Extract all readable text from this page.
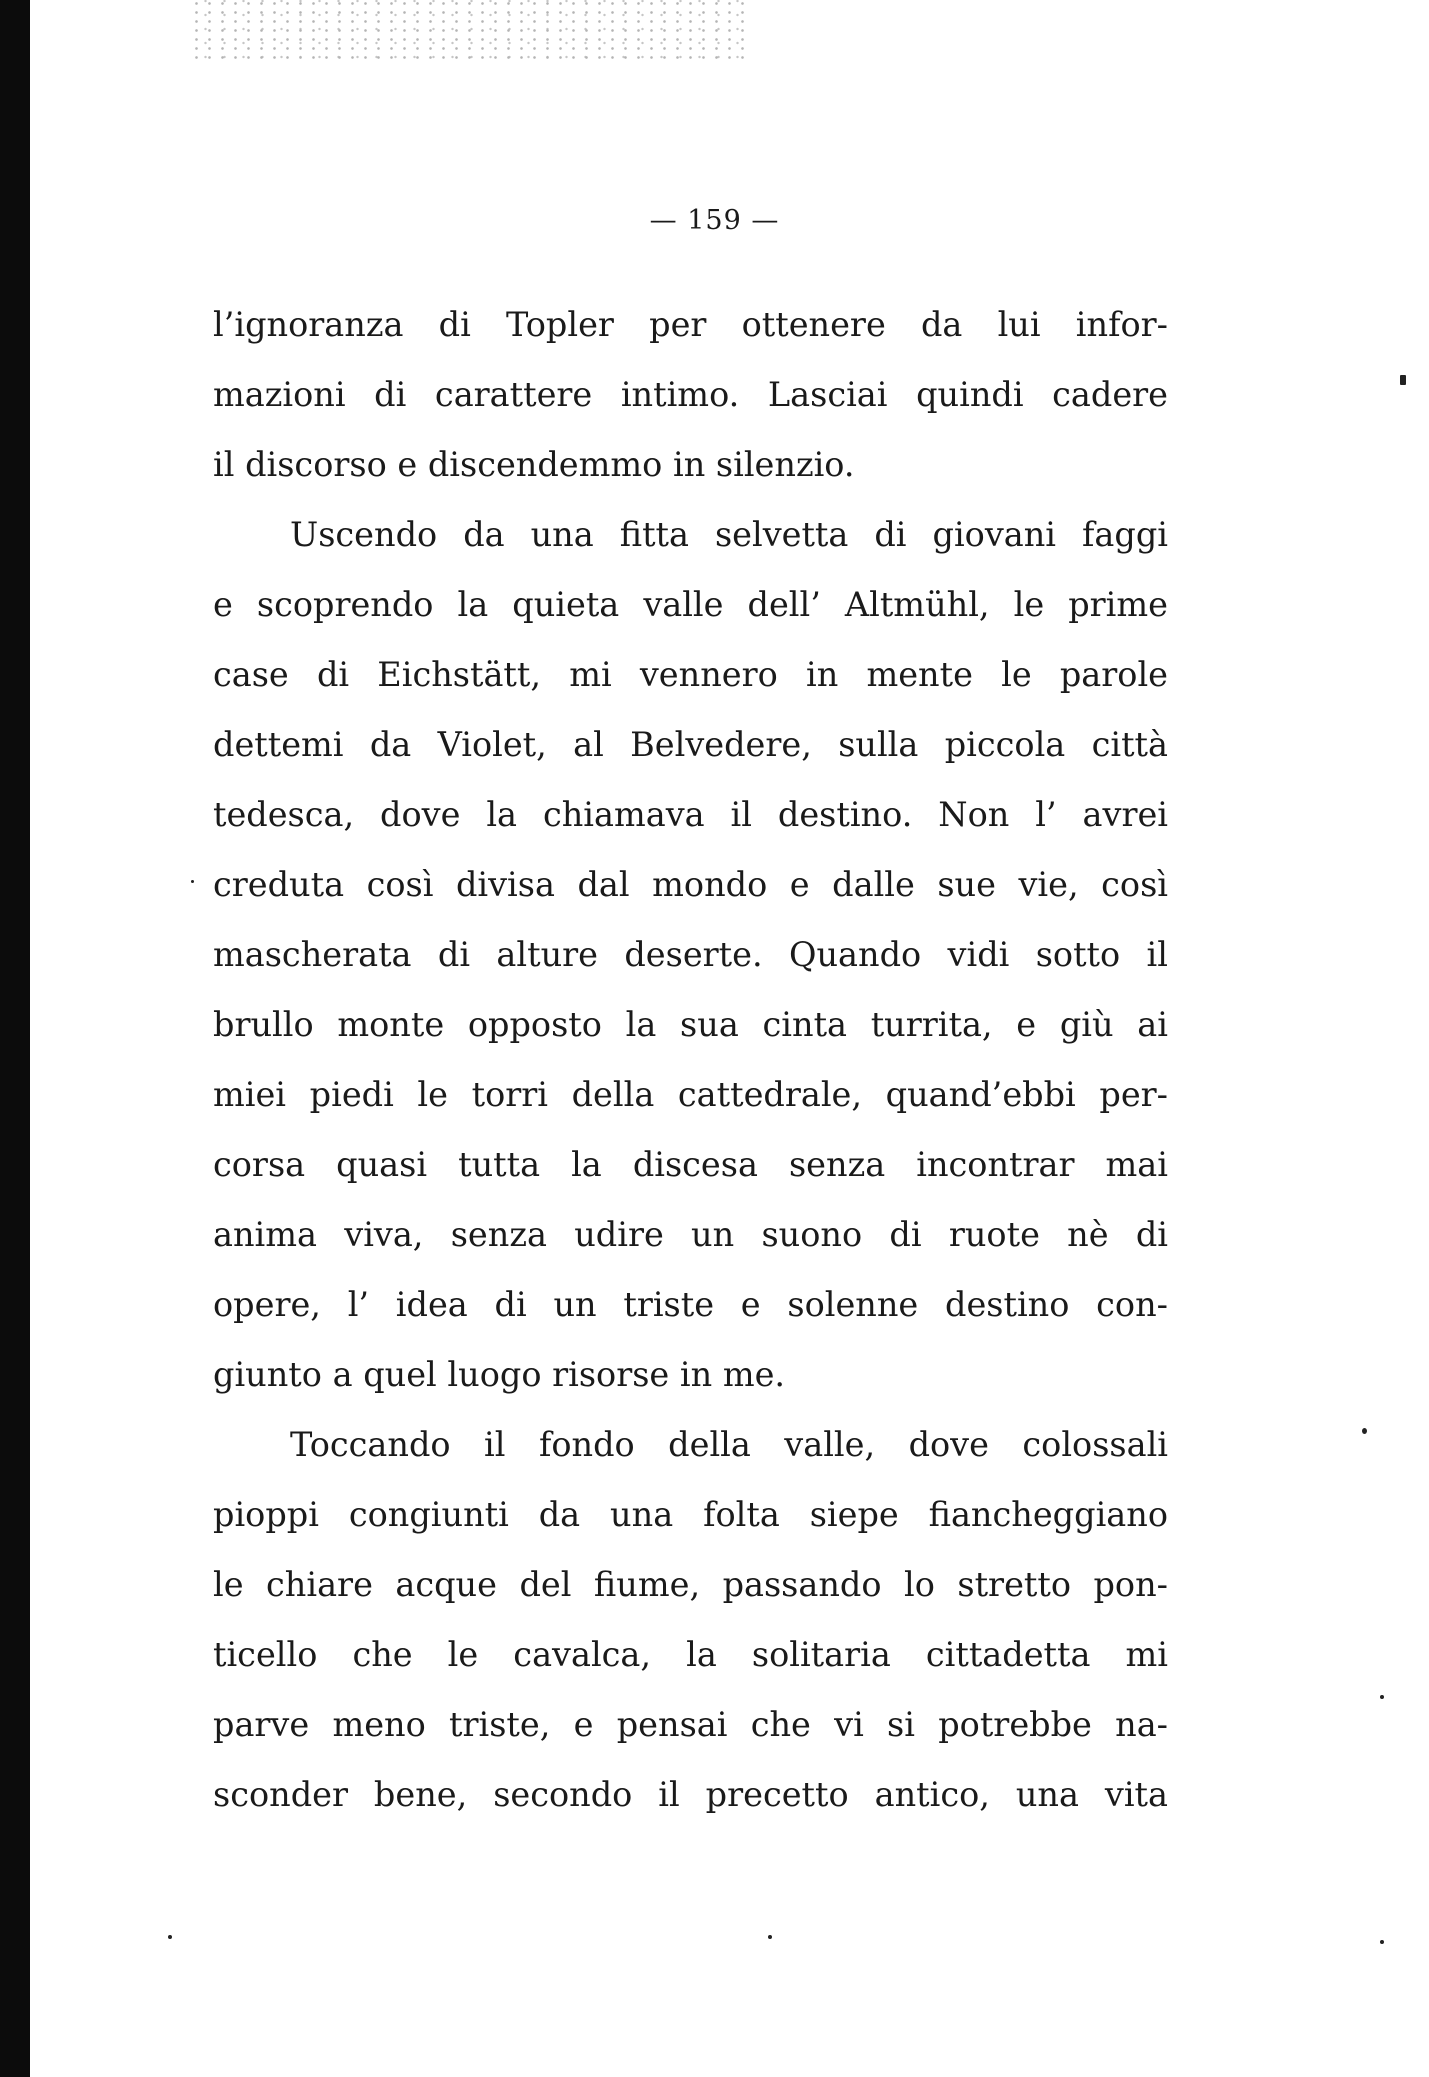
— 159 —
l’ignoranza di Topler per ottenere da lui infor-
mazioni di carattere intimo. Lasciai quindi cadere
il discorso e discendemmo in silenzio.
Uscendo da una fitta selvetta di giovani faggi
e scoprendo la quieta valle dell’ Altmühl, le prime
case di Eichstätt, mi vennero in mente le parole
dettemi da Violet, al Belvedere, sulla piccola città
tedesca, dove la chiamava il destino. Non l’ avrei
creduta così divisa dal mondo e dalle sue vie, così
mascherata di alture deserte. Quando vidi sotto il
brullo monte opposto la sua cinta turrita, e giù ai
miei piedi le torri della cattedrale, quand’ebbi per-
corsa quasi tutta la discesa senza incontrar mai
anima viva, senza udire un suono di ruote nè di
opere, l’ idea di un triste e solenne destino con-
giunto a quel luogo risorse in me.
Toccando il fondo della valle, dove colossali
pioppi congiunti da una folta siepe fiancheggiano
le chiare acque del fiume, passando lo stretto pon-
ticello che le cavalca, la solitaria cittadetta mi
parve meno triste, e pensai che vi si potrebbe na-
sconder bene, secondo il precetto antico, una vita
